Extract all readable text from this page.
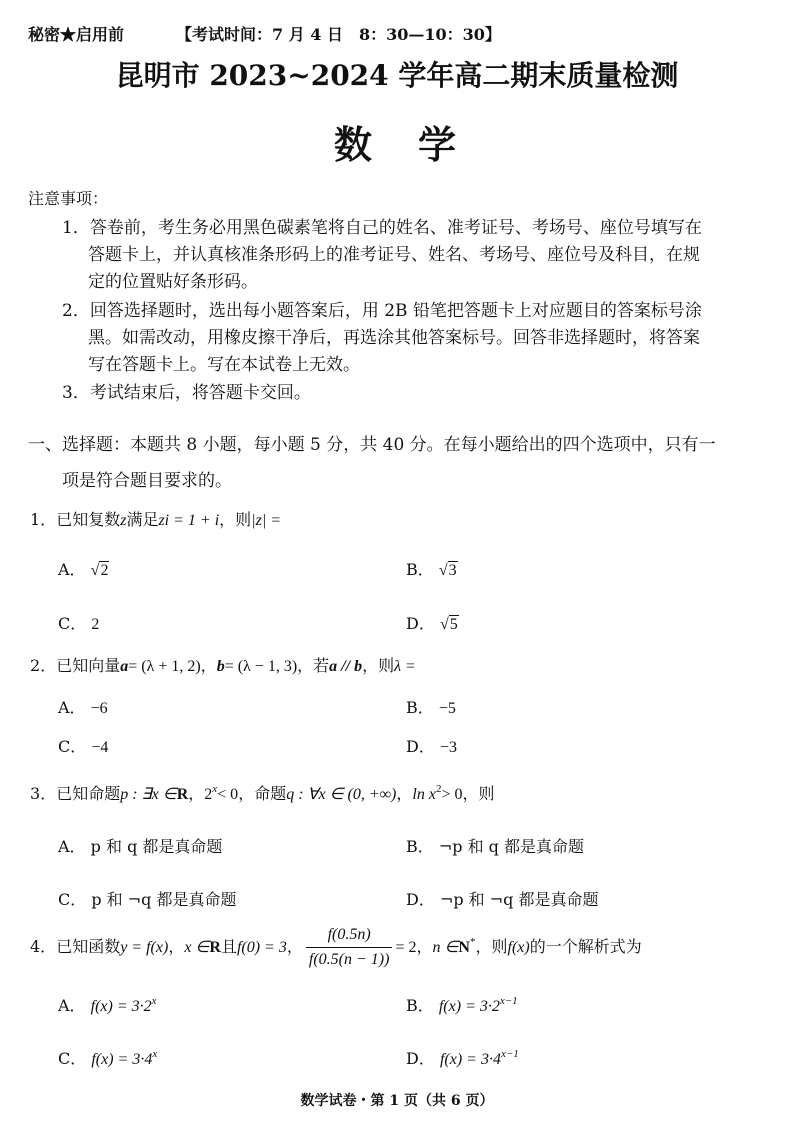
秘密★启用前	【考试时间：7 月 4 日　8：30—10：30】
昆明市 2023~2024 学年高二期末质量检测
数　学
注意事项：
1．答卷前，考生务必用黑色碳素笔将自己的姓名、准考证号、考场号、座位号填写在
答题卡上，并认真核准条形码上的准考证号、姓名、考场号、座位号及科目，在规
定的位置贴好条形码。
2．回答选择题时，选出每小题答案后，用 2B 铅笔把答题卡上对应题目的答案标号涂
黑。如需改动，用橡皮擦干净后，再选涂其他答案标号。回答非选择题时，将答案
写在答题卡上。写在本试卷上无效。
3．考试结束后，将答题卡交回。
一、选择题：本题共 8 小题，每小题 5 分，共 40 分。在每小题给出的四个选项中，只有一
项是符合题目要求的。
1．已知复数z满足zi = 1 + i，则|z| =
A． √2	B． √3
C． 2	D． √5
2．已知向量a= (λ + 1, 2)，b= (λ − 1, 3)，若a // b，则λ =
A． −6	B． −5
C． −4	D． −3
3．已知命题p : ∃x ∈R，$2^x< 0$，命题q : ∀x ∈ (0, +∞)，$\ln x^2> 0$，则
A． p 和 q 都是真命题	B． ¬p 和 q 都是真命题
C． p 和 ¬q 都是真命题	D． ¬p 和 ¬q 都是真命题
4．已知函数y = f(x)，x ∈R且f(0) = 3， $\frac{f(0.5n)}{f(0.5(n - 1))} = 2$，n ∈N*，则f(x)的一个解析式为
A． $f(x) = 3\cdot 2^x$	B． $f(x) = 3\cdot 2^{x-1}$
C． $f(x) = 3\cdot 4^x$	D． $f(x) = 3\cdot 4^{x-1}$
数学试卷・第 1 页（共 6 页）
